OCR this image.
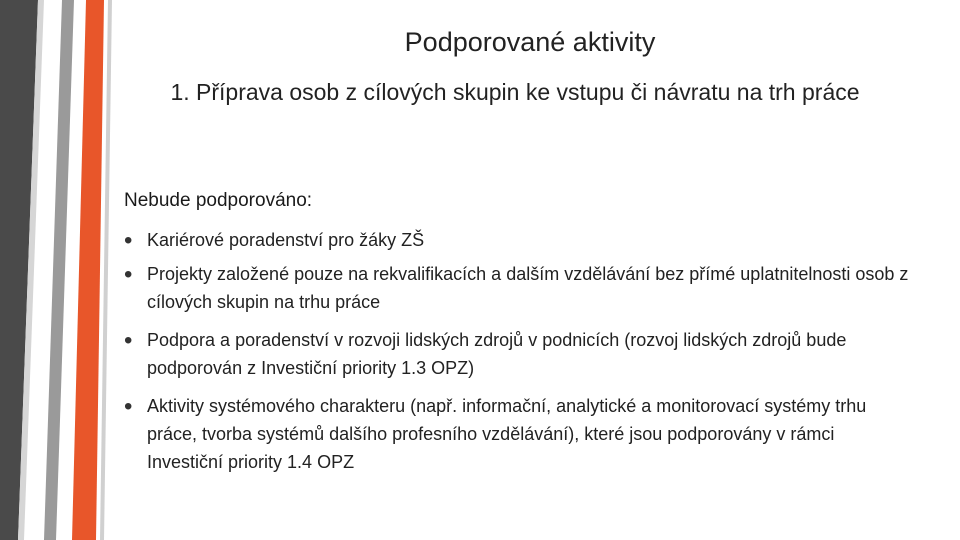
Podporované aktivity
1. Příprava osob z cílových skupin ke vstupu či návratu na trh práce
Nebude podporováno:
• Kariérové poradenství pro žáky ZŠ
• Projekty založené pouze na rekvalifikacích a dalším vzdělávání bez přímé uplatnitelnosti osob z cílových skupin na trhu práce
• Podpora a poradenství v rozvoji lidských zdrojů v podnicích (rozvoj lidských zdrojů bude podporován z Investiční priority 1.3 OPZ)
• Aktivity systémového charakteru (např. informační, analytické a monitorovací systémy trhu práce, tvorba systémů dalšího profesního vzdělávání), které jsou podporovány v rámci Investiční priority 1.4 OPZ
